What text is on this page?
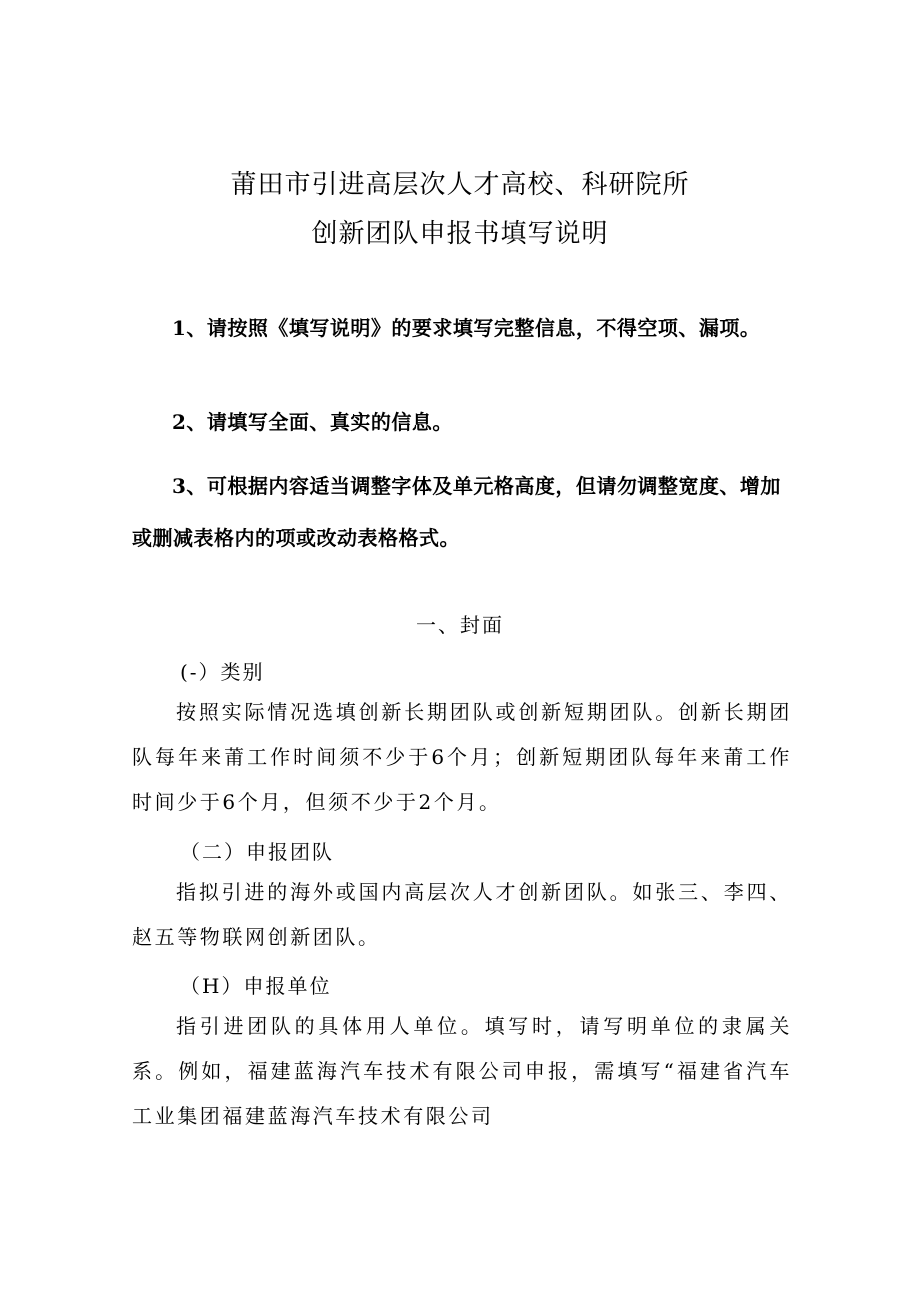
莆田市引进高层次人才高校、科研院所
创新团队申报书填写说明

1、请按照《填写说明》的要求填写完整信息，不得空项、漏项。

2、请填写全面、真实的信息。

3、可根据内容适当调整字体及单元格高度，但请勿调整宽度、增加或删减表格内的项或改动表格格式。

一、封面
(-）类别

按照实际情况选填创新长期团队或创新短期团队。创新长期团队每年来莆工作时间须不少于6个月；创新短期团队每年来莆工作时间少于6个月，但须不少于2个月。

（二）申报团队

指拟引进的海外或国内高层次人才创新团队。如张三、李四、赵五等物联网创新团队。

（H）申报单位

指引进团队的具体用人单位。填写时，请写明单位的隶属关系。例如，福建蓝海汽车技术有限公司申报，需填写“福建省汽车工业集团福建蓝海汽车技术有限公司
